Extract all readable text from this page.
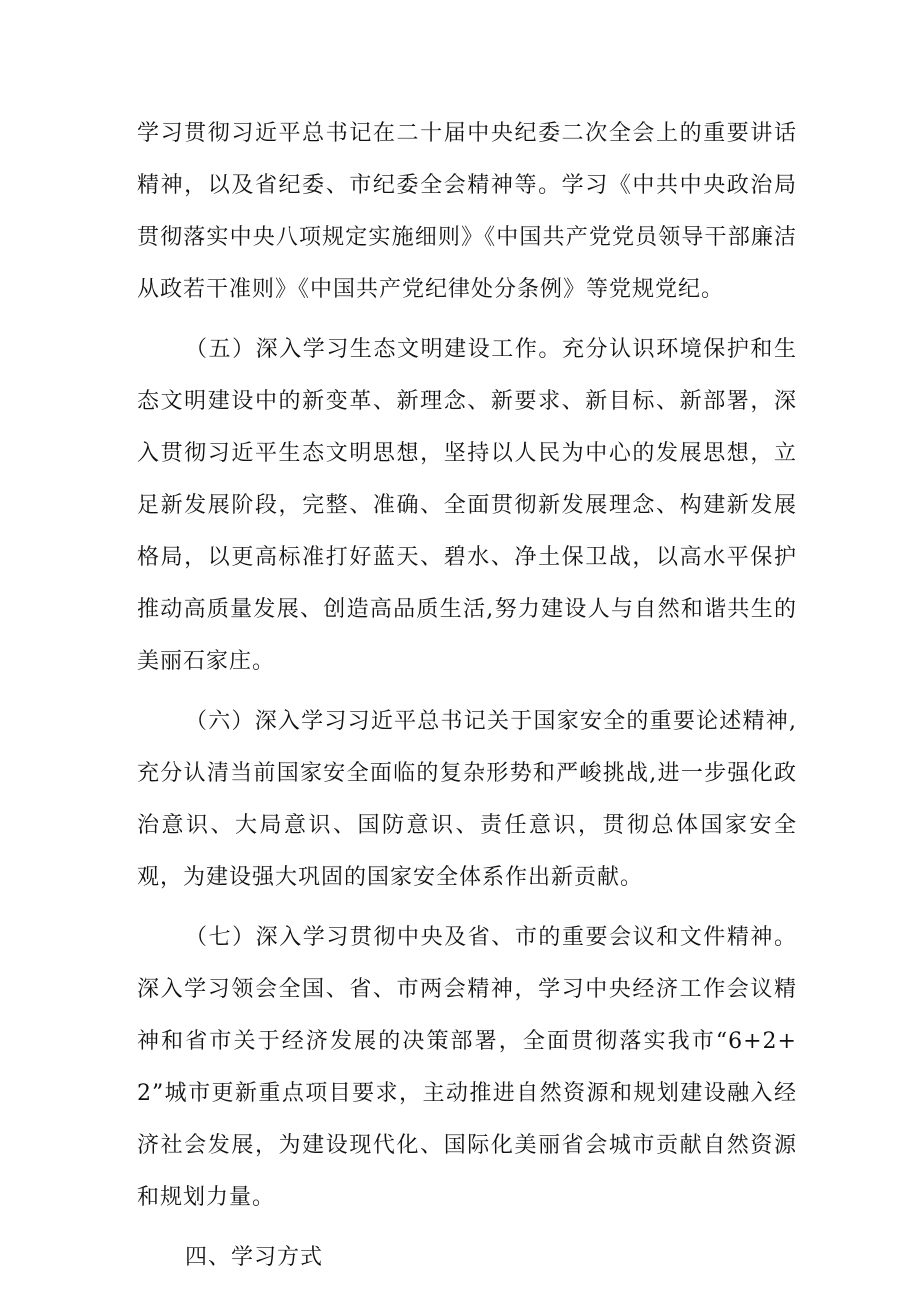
学习贯彻习近平总书记在二十届中央纪委二次全会上的重要讲话精神，以及省纪委、市纪委全会精神等。学习《中共中央政治局贯彻落实中央八项规定实施细则》《中国共产党党员领导干部廉洁从政若干准则》《中国共产党纪律处分条例》等党规党纪。

（五）深入学习生态文明建设工作。充分认识环境保护和生态文明建设中的新变革、新理念、新要求、新目标、新部署，深入贯彻习近平生态文明思想，坚持以人民为中心的发展思想，立足新发展阶段，完整、准确、全面贯彻新发展理念、构建新发展格局，以更高标准打好蓝天、碧水、净土保卫战，以高水平保护推动高质量发展、创造高品质生活,努力建设人与自然和谐共生的美丽石家庄。

（六）深入学习习近平总书记关于国家安全的重要论述精神,充分认清当前国家安全面临的复杂形势和严峻挑战,进一步强化政治意识、大局意识、国防意识、责任意识，贯彻总体国家安全观，为建设强大巩固的国家安全体系作出新贡献。

（七）深入学习贯彻中央及省、市的重要会议和文件精神。深入学习领会全国、省、市两会精神，学习中央经济工作会议精神和省市关于经济发展的决策部署，全面贯彻落实我市“6+2+2”城市更新重点项目要求，主动推进自然资源和规划建设融入经济社会发展，为建设现代化、国际化美丽省会城市贡献自然资源和规划力量。

四、学习方式
